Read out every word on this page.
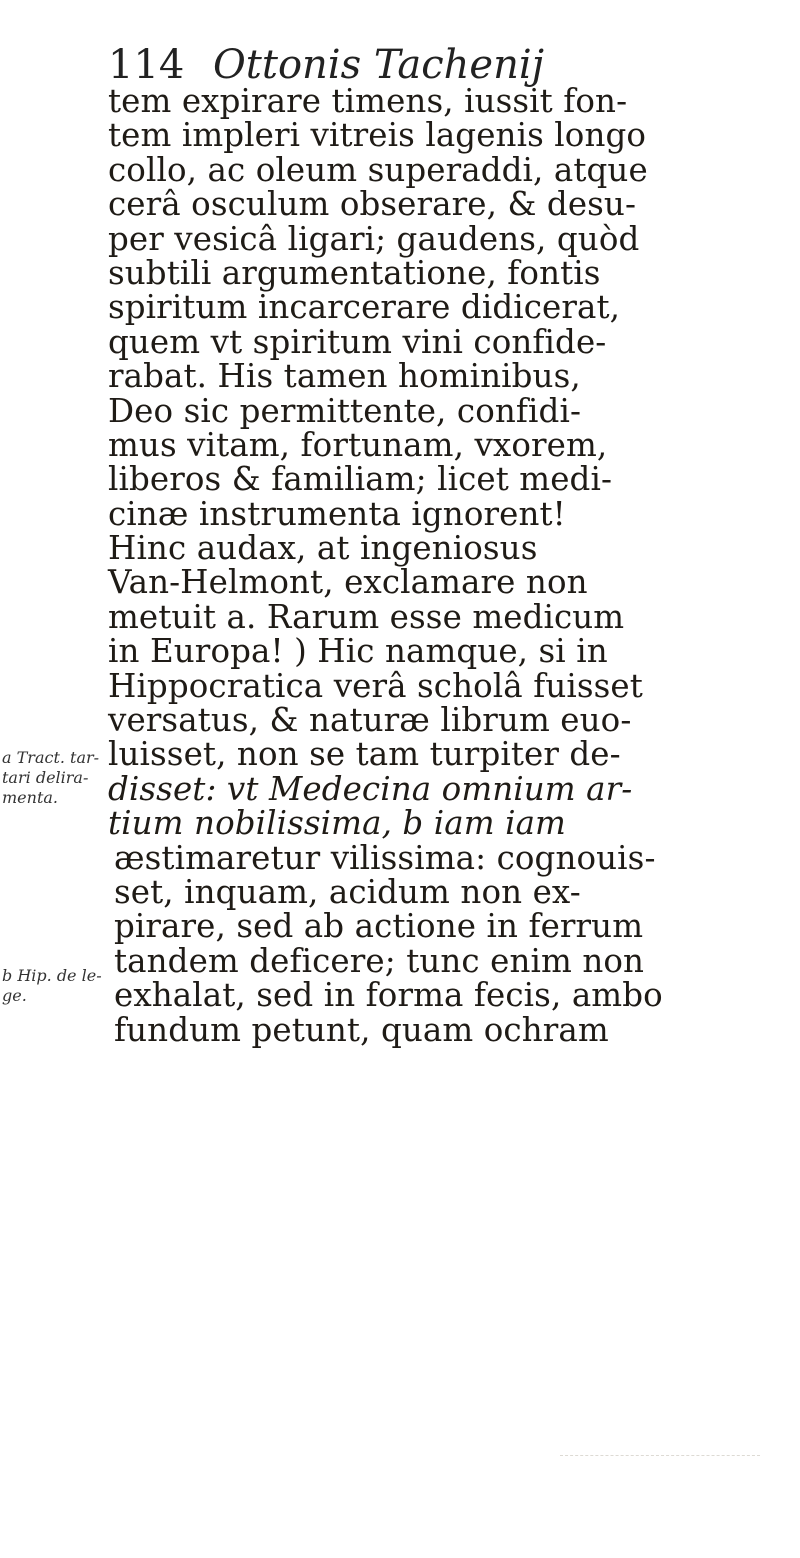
114 Ottonis Tachenij
tem expirare timens, iussit fon-
tem impleri vitreis lagenis longo
collo, ac oleum superaddi, atque
cerâ osculum obserare, & desu-
per vesicâ ligari; gaudens, quòd
subtili argumentatione, fontis
spiritum incarcerare didicerat,
quem vt spiritum vini confide-
rabat. His tamen hominibus,
Deo sic permittente, confidi-
mus vitam, fortunam, vxorem,
liberos & familiam; licet medi-
cinæ instrumenta ignorent!
Hinc audax, at ingeniosus
Van-Helmont, exclamare non
metuit a. Rarum esse medicum
in Europa! ) Hic namque, si in
Hippocratica verâ scholâ fuisset
versatus, & naturæ librum euo-
luisset, non se tam turpiter de-
disset: vt Medecina omnium ar-
tium nobilissima, b iam iam
æstimaretur vilissima: cognouis-
set, inquam, acidum non ex-
pirare, sed ab actione in ferrum
tandem deficere; tunc enim non
exhalat, sed in forma fecis, ambo
fundum petunt, quam ochram
a Tract. tar-
tari delira-
menta.
b Hip. de le-
ge.
